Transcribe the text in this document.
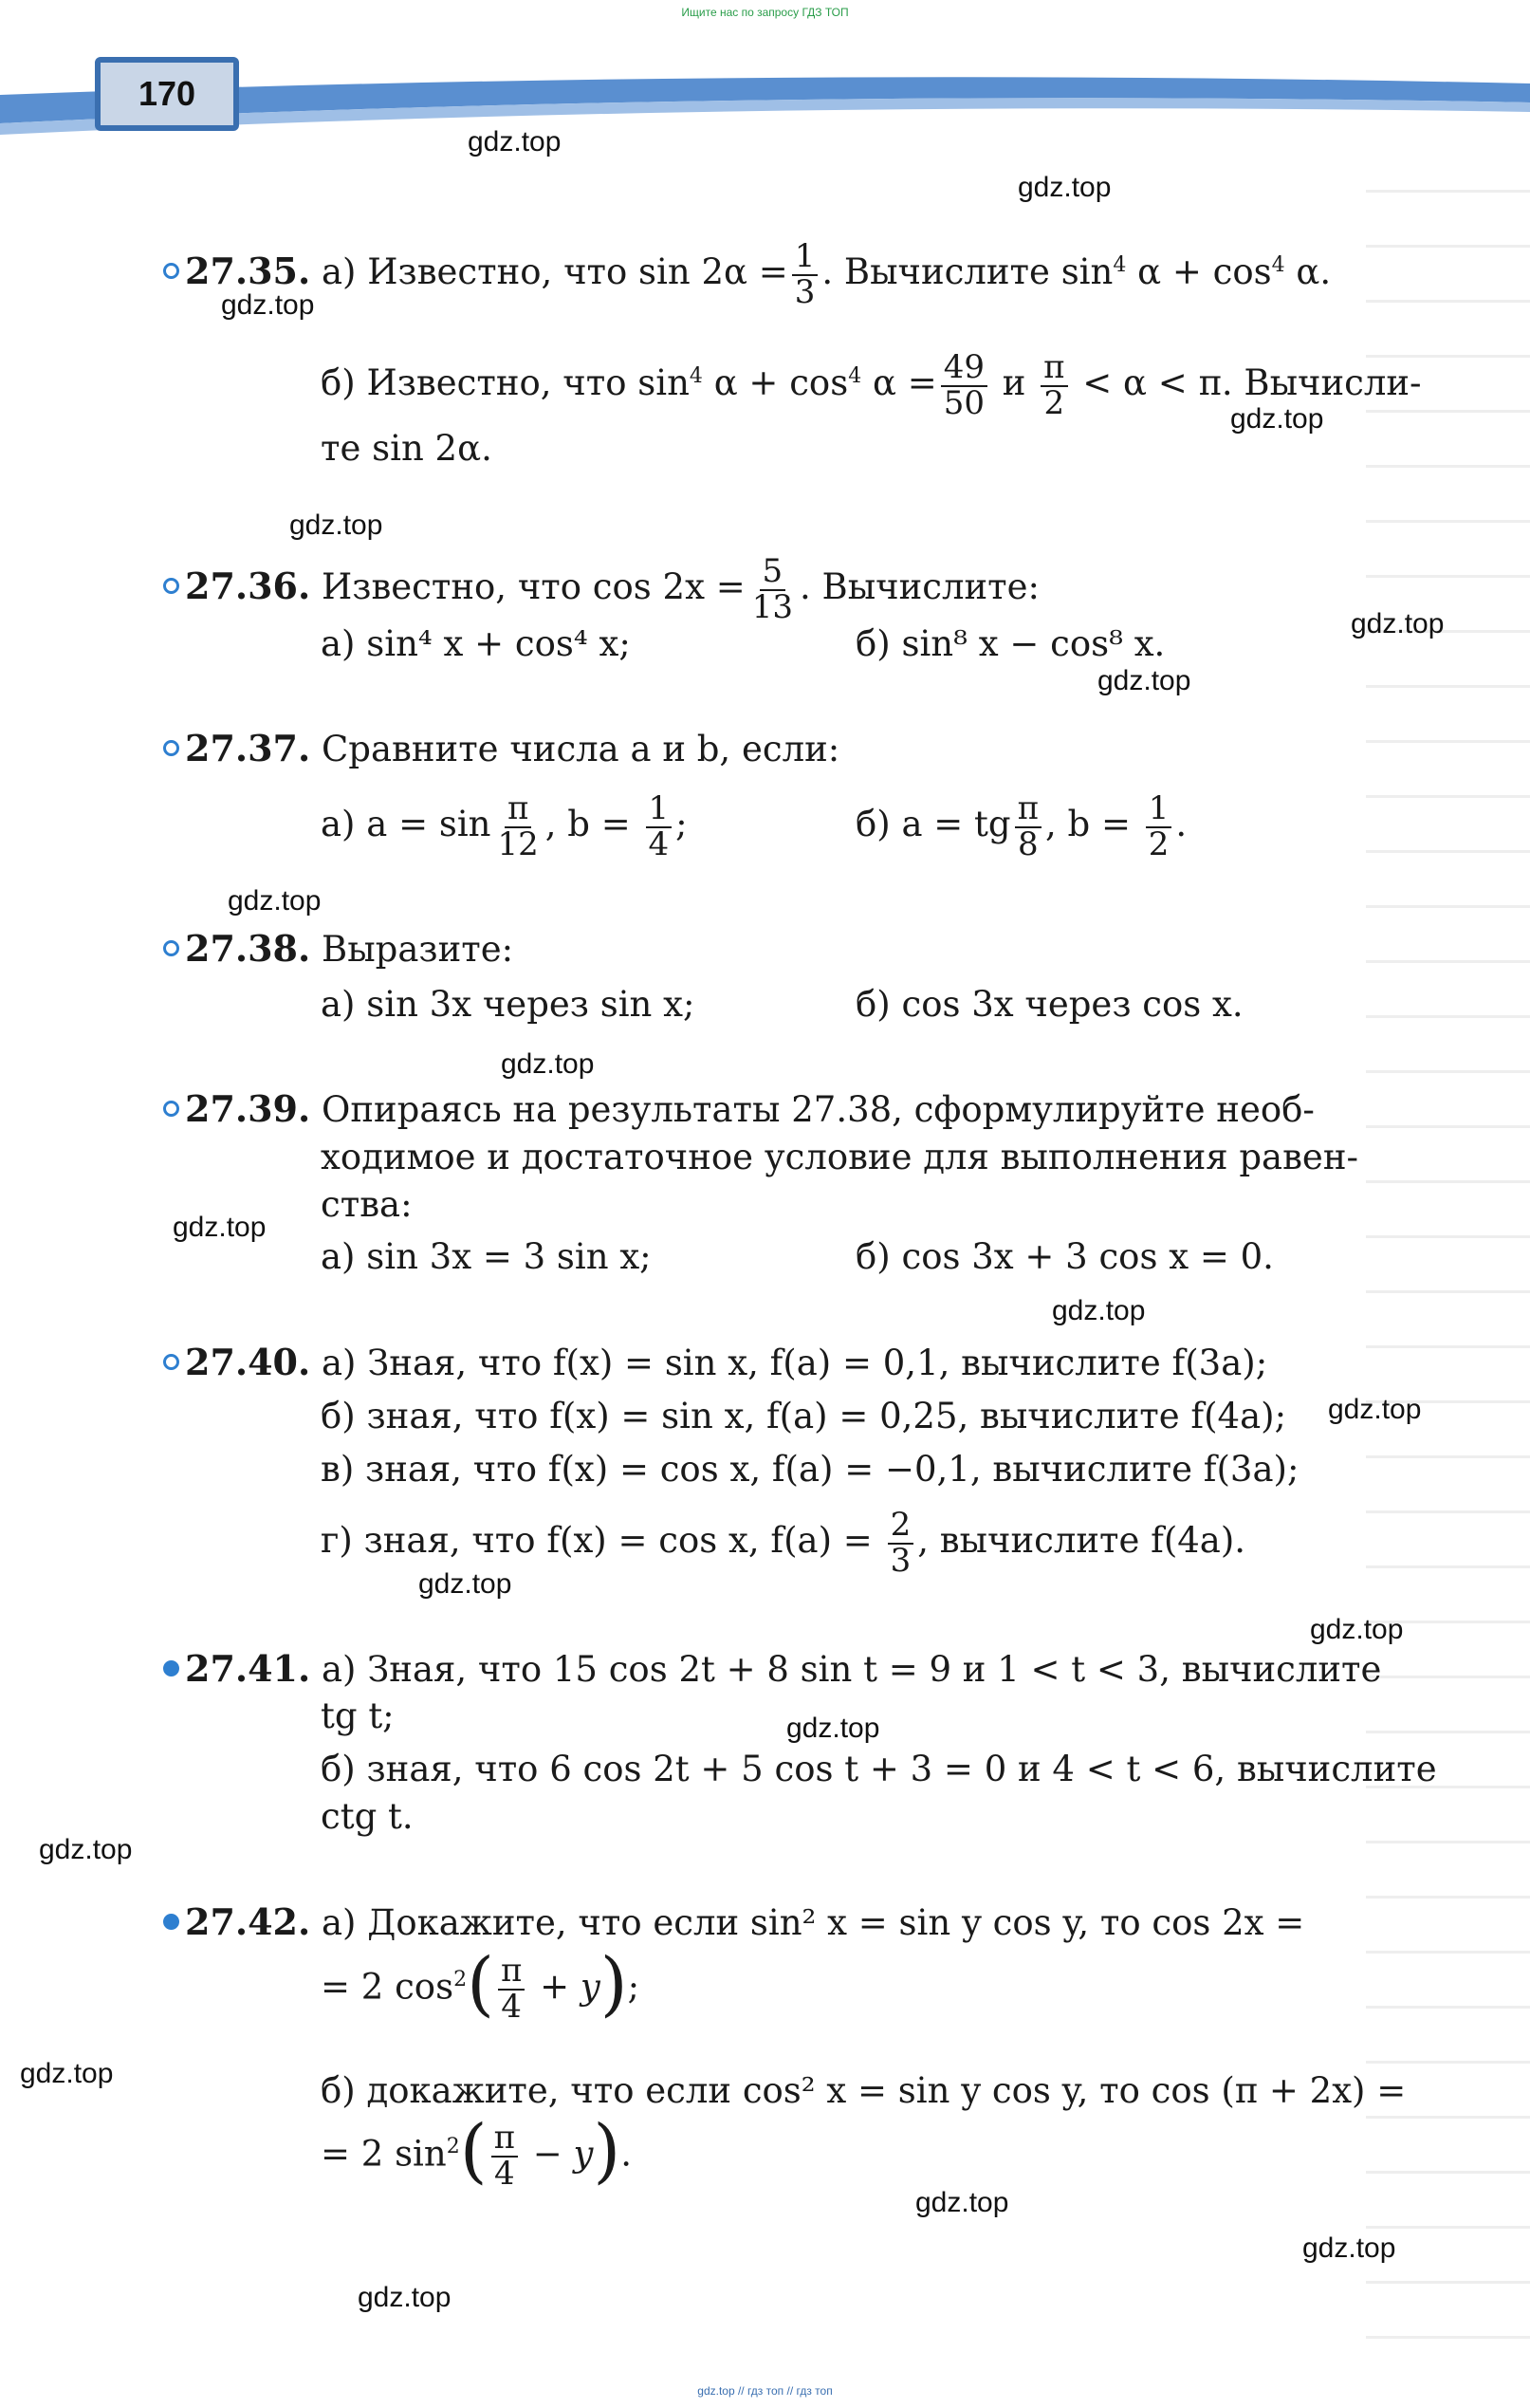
Ищите нас по запросу ГДЗ ТОП
170
gdz.top
gdz.top
gdz.top
gdz.top
gdz.top
gdz.top
gdz.top
gdz.top
gdz.top
gdz.top
gdz.top
gdz.top
gdz.top
gdz.top
gdz.top
gdz.top
gdz.top
gdz.top
gdz.top
gdz.top
27.35. а) Известно, что $\sin 2\alpha = \frac{1}{3}$ . Вычислите $\sin^4 \alpha + \cos^4 \alpha$.
б) Известно, что $\sin^4 \alpha + \cos^4 \alpha = \frac{49}{50}$ и $\frac{\pi}{2} < \alpha < \pi$. Вычисли-
те sin 2α.
27.36. Известно, что $\cos 2x = \frac{5}{13}$ . Вычислите:
а) sin⁴ x + cos⁴ x;	б) sin⁸ x − cos⁸ x.
27.37. Сравните числа a и b, если:
а) $a = \sin \frac{\pi}{12}$ , $b = \frac{1}{4}$ ;	б) a = tg $\frac{\pi}{8}$ , $b = \frac{1}{2}$ .
27.38. Выразите:
а) sin 3x через sin x;	б) cos 3x через cos x.
27.39. Опираясь на результаты 27.38, сформулируйте необ-
ходимое и достаточное условие для выполнения равен-
ства:
а) sin 3x = 3 sin x;	б) cos 3x + 3 cos x = 0.
27.40. а) Зная, что f(x) = sin x, f(a) = 0,1, вычислите f(3a);
б) зная, что f(x) = sin x, f(a) = 0,25, вычислите f(4a);
в) зная, что f(x) = cos x, f(a) = −0,1, вычислите f(3a);
г) зная, что f(x) = cos x, $f(a) = \frac{2}{3}$ , вычислите f(4a).
27.41. а) Зная, что 15 cos 2t + 8 sin t = 9 и 1 < t < 3, вычислите
tg t;
б) зная, что 6 cos 2t + 5 cos t + 3 = 0 и 4 < t < 6, вычислите
ctg t.
27.42. а) Докажите, что если sin² x = sin y cos y, то cos 2x =
= 2 $\cos^2( \frac{\pi}{4} + y)$;
б) докажите, что если cos² x = sin y cos y, то cos (π + 2x) =
= 2 $\sin^2( \frac{\pi}{4} - y)$.
gdz.top // гдз топ // гдз топ
